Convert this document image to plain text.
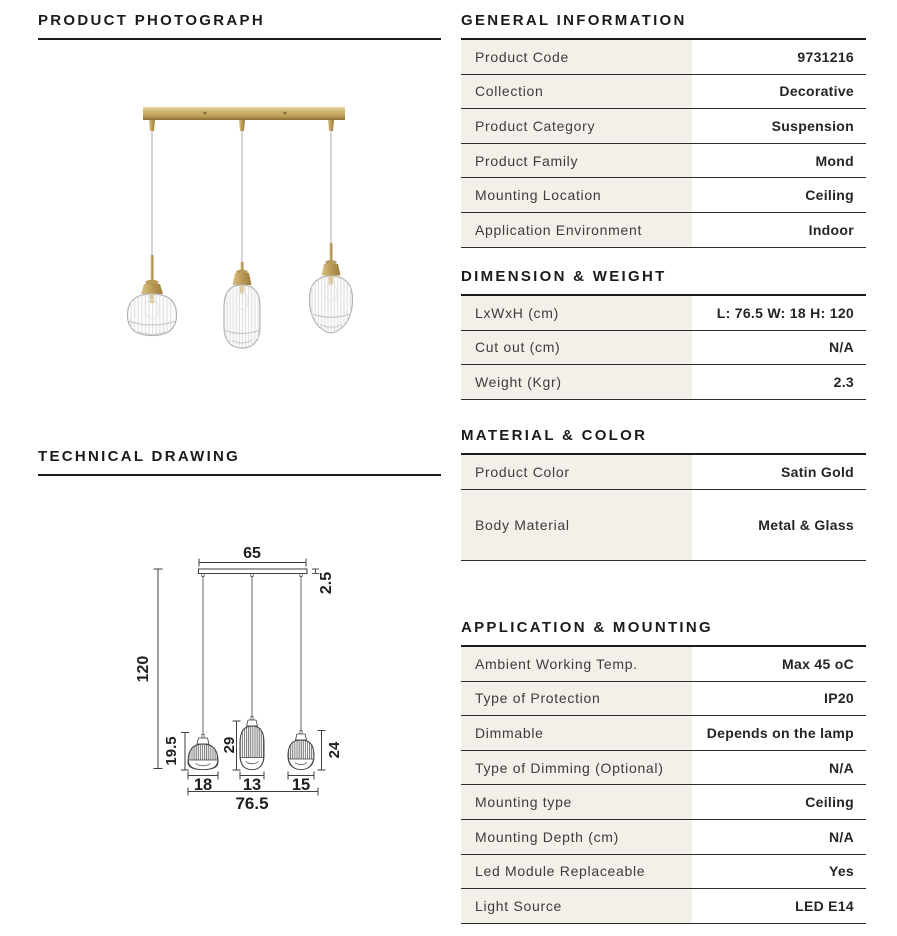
PRODUCT PHOTOGRAPH
TECHNICAL DRAWING
65
2.5
120
19.5
18
29
13
24
15
76.5
GENERAL INFORMATION
Product Code	9731216
Collection	Decorative
Product Category	Suspension
Product Family	Mond
Mounting Location	Ceiling
Application Environment	Indoor
DIMENSION & WEIGHT
LxWxH (cm)	L: 76.5 W: 18 H: 120
Cut out (cm)	N/A
Weight (Kgr)	2.3
MATERIAL & COLOR
Product Color	Satin Gold
Body Material	Metal & Glass
APPLICATION & MOUNTING
Ambient Working Temp.	Max 45 oC
Type of Protection	IP20
Dimmable	Depends on the lamp
Type of Dimming (Optional)	N/A
Mounting type	Ceiling
Mounting Depth (cm)	N/A
Led Module Replaceable	Yes
Light Source	LED E14
